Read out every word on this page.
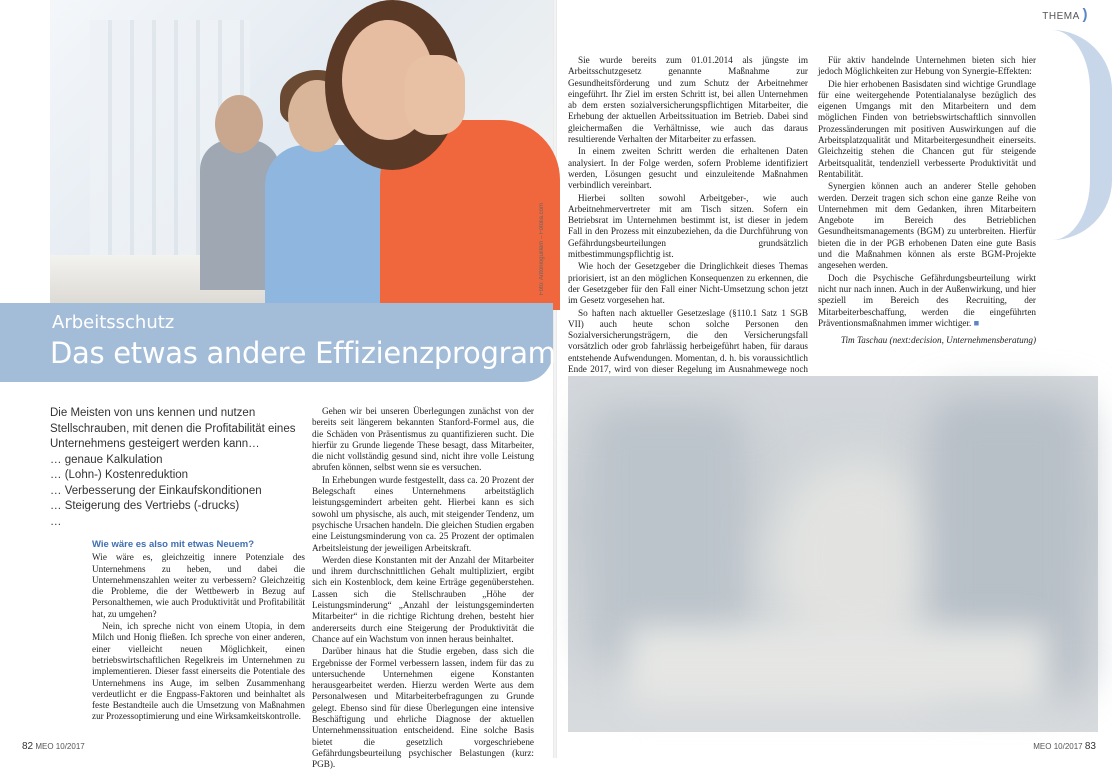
THEMA )
Foto: Antonioguillem – Fotolia.com
Arbeitsschutz
Das etwas andere Effizienzprogramm

Die Meisten von uns kennen und nutzen Stellschrauben, mit denen die Profitabilität eines Unternehmens gesteigert werden kann…

… genaue Kalkulation
… (Lohn-) Kostenreduktion
… Verbesserung der Einkaufskonditionen
… Steigerung des Vertriebs (-drucks)
…

Wie wäre es also mit etwas Neuem?

Wie wäre es, gleichzeitig innere Potenziale des Unternehmens zu heben, und dabei die Unternehmenszahlen weiter zu verbessern? Gleichzeitig die Probleme, die der Wettbewerb in Bezug auf Personalthemen, wie auch Produktivität und Profitabilität hat, zu umgehen?

Nein, ich spreche nicht von einem Utopia, in dem Milch und Honig fließen. Ich spreche von einer anderen, einer vielleicht neuen Möglichkeit, einen betriebswirtschaftlichen Regelkreis im Unternehmen zu implementieren. Dieser fasst einerseits die Potentiale des Unternehmens ins Auge, im selben Zusammenhang verdeutlicht er die Engpass-Faktoren und beinhaltet als feste Bestandteile auch die Umsetzung von Maßnahmen zur Prozessoptimierung und eine Wirksamkeitskontrolle.

Gehen wir bei unseren Überlegungen zunächst von der bereits seit längerem bekannten Stanford-Formel aus, die die Schäden von Präsentismus zu quantifizieren sucht. Die hierfür zu Grunde liegende These besagt, dass Mitarbeiter, die nicht vollständig gesund sind, nicht ihre volle Leistung abrufen können, selbst wenn sie es versuchen.

In Erhebungen wurde festgestellt, dass ca. 20 Prozent der Belegschaft eines Unternehmens arbeitstäglich leistungsgemindert arbeiten geht. Hierbei kann es sich sowohl um physische, als auch, mit steigender Tendenz, um psychische Ursachen handeln. Die gleichen Studien ergaben eine Leistungsminderung von ca. 25 Prozent der optimalen Arbeitsleistung der jeweiligen Arbeitskraft.

Werden diese Konstanten mit der Anzahl der Mitarbeiter und ihrem durchschnittlichen Gehalt multipliziert, ergibt sich ein Kostenblock, dem keine Erträge gegenüberstehen. Lassen sich die Stellschrauben „Höhe der Leistungsminderung“ „Anzahl der leistungsgeminderten Mitarbeiter“ in die richtige Richtung drehen, besteht hier andererseits durch eine Steigerung der Produktivität die Chance auf ein Wachstum von innen heraus beinhaltet.

Darüber hinaus hat die Studie ergeben, dass sich die Ergebnisse der Formel verbessern lassen, indem für das zu untersuchende Unternehmen eigene Konstanten herausgearbeitet werden. Hierzu werden Werte aus dem Personalwesen und Mitarbeiterbefragungen zu Grunde gelegt. Ebenso sind für diese Überlegungen eine intensive Beschäftigung und ehrliche Diagnose der aktuellen Unternehmenssituation entscheidend. Eine solche Basis bietet die gesetzlich vorgeschriebene Gefährdungsbeurteilung psychischer Belastungen (kurz: PGB).

Sie wurde bereits zum 01.01.2014 als jüngste im Arbeitsschutzgesetz genannte Maßnahme zur Gesundheitsförderung und zum Schutz der Arbeitnehmer eingeführt. Ihr Ziel im ersten Schritt ist, bei allen Unternehmen ab dem ersten sozialversicherungspflichtigen Mitarbeiter, die Erhebung der aktuellen Arbeitssituation im Betrieb. Dabei sind gleichermaßen die Verhältnisse, wie auch das daraus resultierende Verhalten der Mitarbeiter zu erfassen.

In einem zweiten Schritt werden die erhaltenen Daten analysiert. In der Folge werden, sofern Probleme identifiziert werden, Lösungen gesucht und einzuleitende Maßnahmen verbindlich vereinbart.

Hierbei sollten sowohl Arbeitgeber-, wie auch Arbeitnehmervertreter mit am Tisch sitzen. Sofern ein Betriebsrat im Unternehmen bestimmt ist, ist dieser in jedem Fall in den Prozess mit einzubeziehen, da die Durchführung von Gefährdungsbeurteilungen grundsätzlich mitbestimmungspflichtig ist.

Wie hoch der Gesetzgeber die Dringlichkeit dieses Themas priorisiert, ist an den möglichen Konsequenzen zu erkennen, die der Gesetzgeber für den Fall einer Nicht-Umsetzung schon jetzt im Gesetz vorgesehen hat.

So haften nach aktueller Gesetzeslage (§110.1 Satz 1 SGB VII) auch heute schon solche Personen den Sozialversicherungsträgern, die den Versicherungsfall vorsätzlich oder grob fahrlässig herbeigeführt haben, für daraus entstehende Aufwendungen. Momentan, d. h. bis voraussichtlich Ende 2017, wird von dieser Regelung im Ausnahmewege noch

Für aktiv handelnde Unternehmen bieten sich hier jedoch Möglichkeiten zur Hebung von Synergie-Effekten:

Die hier erhobenen Basisdaten sind wichtige Grundlage für eine weitergehende Potentialanalyse bezüglich des eigenen Umgangs mit den Mitarbeitern und dem möglichen Finden von betriebswirtschaftlich sinnvollen Prozessänderungen mit positiven Auswirkungen auf die Arbeitsplatzqualität und Mitarbeitergesundheit einerseits. Gleichzeitig stehen die Chancen gut für steigende Arbeitsqualität, tendenziell verbesserte Produktivität und Rentabilität.

Synergien können auch an anderer Stelle gehoben werden. Derzeit tragen sich schon eine ganze Reihe von Unternehmen mit dem Gedanken, ihren Mitarbeitern Angebote im Bereich des Betrieblichen Gesundheitsmanagements (BGM) zu unterbreiten. Hierfür bieten die in der PGB erhobenen Daten eine gute Basis und die Maßnahmen können als erste BGM-Projekte angesehen werden.

Doch die Psychische Gefährdungsbeurteilung wirkt nicht nur nach innen. Auch in der Außenwirkung, und hier speziell im Bereich des Recruiting, der Mitarbeiterbeschaffung, werden die eingeführten Präventionsmaßnahmen immer wichtiger. ■

Tim Taschau (next:decision, Unternehmensberatung)

82 MEO 10/2017	MEO 10/2017 83
